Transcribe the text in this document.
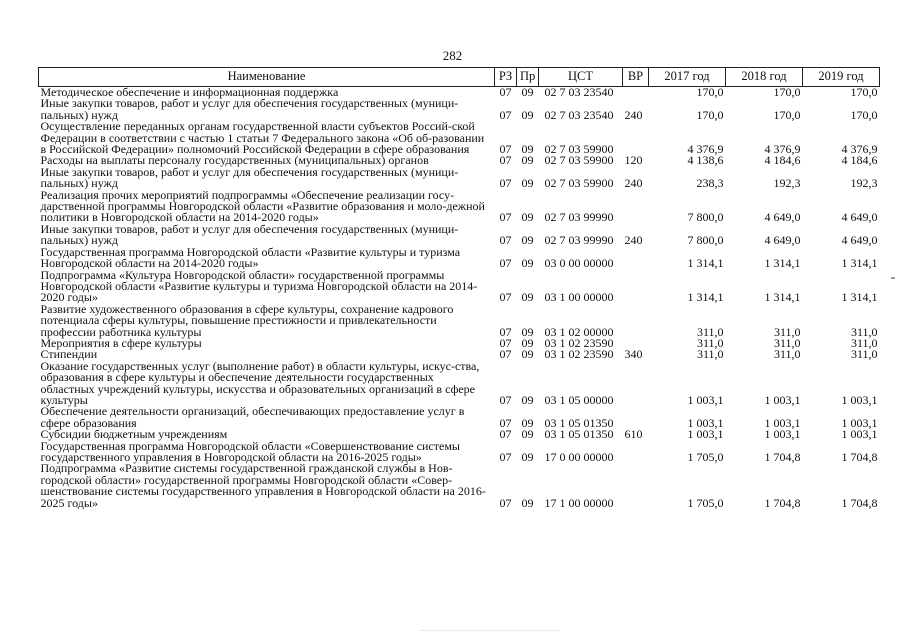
282
Наименование	РЗ	Пр	ЦСТ	ВР	2017 год	2018 год	2019 год
Методическое обеспечение и информационная поддержка	07	09	02 7 03 23540		170,0	170,0	170,0
Иные закупки товаров, работ и услуг для обеспечения государственных (муници-пальных) нужд	07	09	02 7 03 23540	240	170,0	170,0	170,0
Осуществление переданных органам государственной власти субъектов Россий-ской Федерации в соответствии с частью 1 статьи 7 Федерального закона «Об об-разовании в Российской Федерации» полномочий Российской Федерации в сфере образования	07	09	02 7 03 59900		4 376,9	4 376,9	4 376,9
Расходы на выплаты персоналу государственных (муниципальных) органов	07	09	02 7 03 59900	120	4 138,6	4 184,6	4 184,6
Иные закупки товаров, работ и услуг для обеспечения государственных (муници-пальных) нужд	07	09	02 7 03 59900	240	238,3	192,3	192,3
Реализация прочих мероприятий подпрограммы «Обеспечение реализации госу-дарственной программы Новгородской области «Развитие образования и моло-дежной политики в Новгородской области на 2014-2020 годы»	07	09	02 7 03 99990		7 800,0	4 649,0	4 649,0
Иные закупки товаров, работ и услуг для обеспечения государственных (муници-пальных) нужд	07	09	02 7 03 99990	240	7 800,0	4 649,0	4 649,0
Государственная программа Новгородской области «Развитие культуры и туризма Новгородской области на 2014-2020 годы»	07	09	03 0 00 00000		1 314,1	1 314,1	1 314,1
Подпрограмма «Культура Новгородской области» государственной программы Новгородской области «Развитие культуры и туризма Новгородской области на 2014-2020 годы»	07	09	03 1 00 00000		1 314,1	1 314,1	1 314,1
Развитие художественного образования в сфере культуры, сохранение кадрового потенциала сферы культуры, повышение престижности и привлекательности профессии работника культуры	07	09	03 1 02 00000		311,0	311,0	311,0
Мероприятия в сфере культуры	07	09	03 1 02 23590		311,0	311,0	311,0
Стипендии	07	09	03 1 02 23590	340	311,0	311,0	311,0
Оказание государственных услуг (выполнение работ) в области культуры, искус-ства, образования в сфере культуры и обеспечение деятельности государственных областных учреждений культуры, искусства и образовательных организаций в сфере культуры	07	09	03 1 05 00000		1 003,1	1 003,1	1 003,1
Обеспечение деятельности организаций, обеспечивающих предоставление услуг в сфере образования	07	09	03 1 05 01350		1 003,1	1 003,1	1 003,1
Субсидии бюджетным учреждениям	07	09	03 1 05 01350	610	1 003,1	1 003,1	1 003,1
Государственная программа Новгородской области «Совершенствование системы государственного управления в Новгородской области на 2016-2025 годы»	07	09	17 0 00 00000		1 705,0	1 704,8	1 704,8
Подпрограмма «Развитие системы государственной гражданской службы в Нов-городской области» государственной программы Новгородской области «Совер-шенствование системы государственного управления в Новгородской области на 2016-2025 годы»	07	09	17 1 00 00000		1 705,0	1 704,8	1 704,8
